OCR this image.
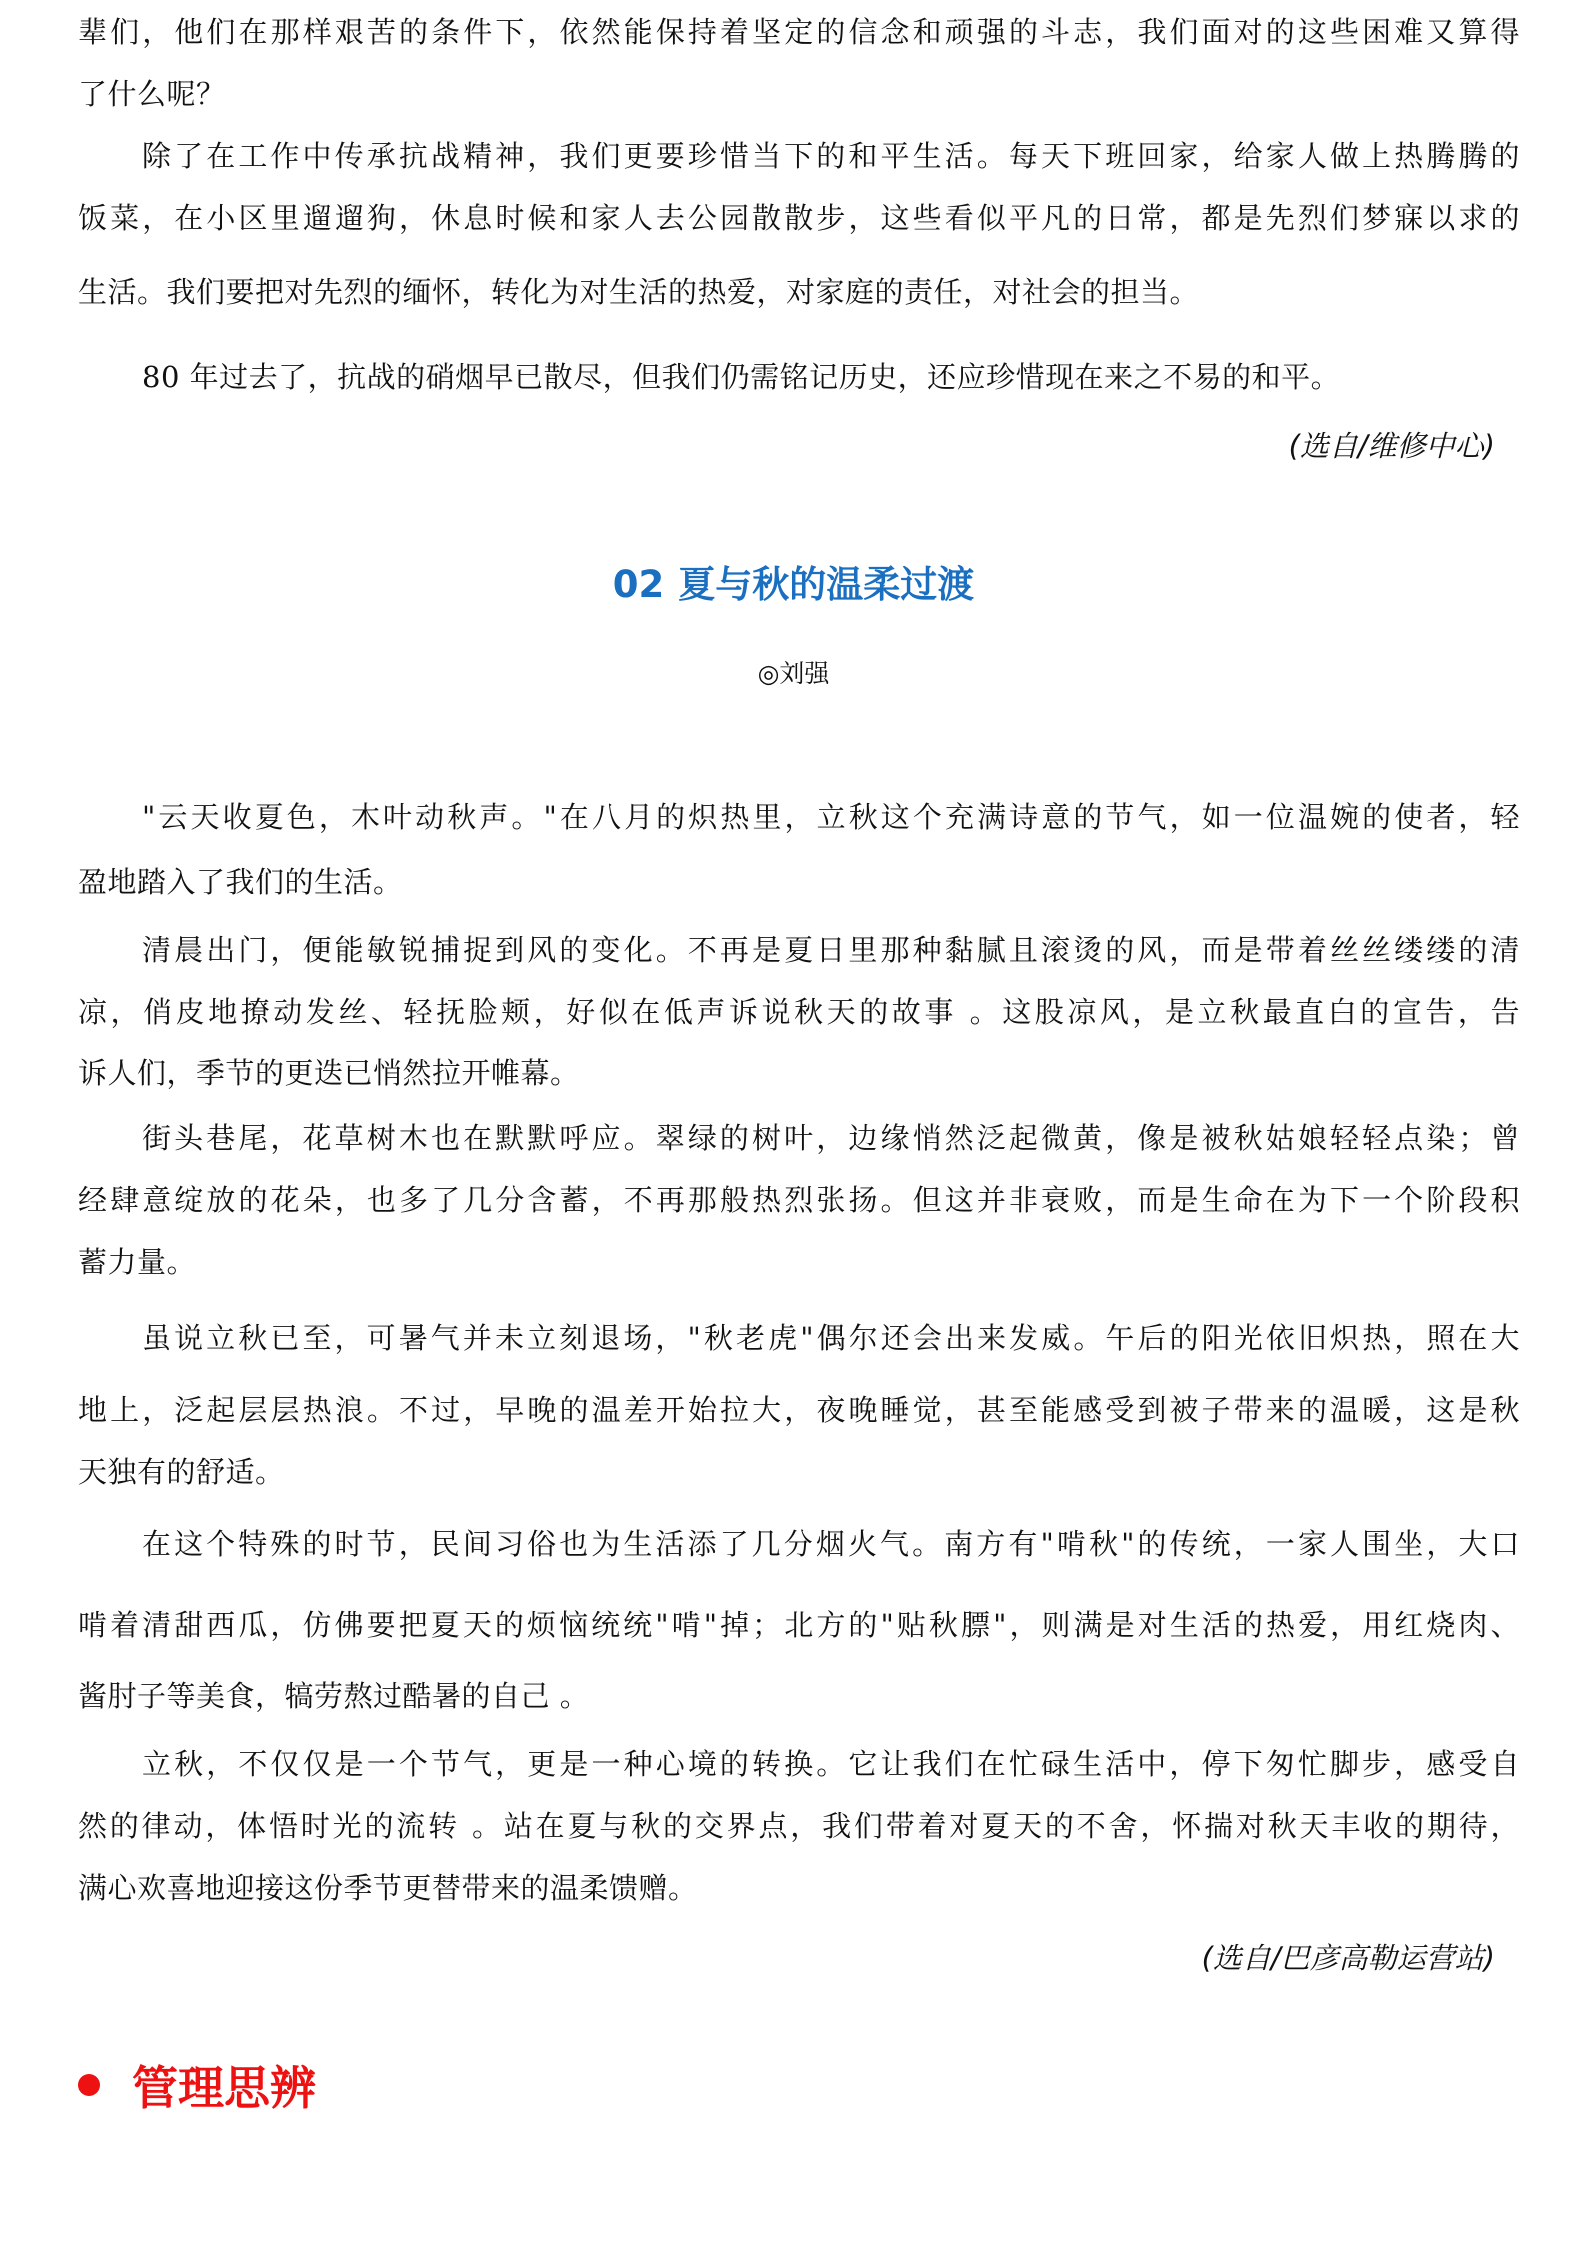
辈们，他们在那样艰苦的条件下，依然能保持着坚定的信念和顽强的斗志，我们面对的这些困难又算得
了什么呢？
除了在工作中传承抗战精神，我们更要珍惜当下的和平生活。每天下班回家，给家人做上热腾腾的
饭菜，在小区里遛遛狗，休息时候和家人去公园散散步，这些看似平凡的日常，都是先烈们梦寐以求的
生活。我们要把对先烈的缅怀，转化为对生活的热爱，对家庭的责任，对社会的担当。
80 年过去了，抗战的硝烟早已散尽，但我们仍需铭记历史，还应珍惜现在来之不易的和平。
(选自/维修中心)
02 夏与秋的温柔过渡
◎刘强
"云天收夏色，木叶动秋声。"在八月的炽热里，立秋这个充满诗意的节气，如一位温婉的使者，轻
盈地踏入了我们的生活。
清晨出门，便能敏锐捕捉到风的变化。不再是夏日里那种黏腻且滚烫的风，而是带着丝丝缕缕的清
凉，俏皮地撩动发丝、轻抚脸颊，好似在低声诉说秋天的故事 。这股凉风，是立秋最直白的宣告，告
诉人们，季节的更迭已悄然拉开帷幕。
街头巷尾，花草树木也在默默呼应。翠绿的树叶，边缘悄然泛起微黄，像是被秋姑娘轻轻点染；曾
经肆意绽放的花朵，也多了几分含蓄，不再那般热烈张扬。但这并非衰败，而是生命在为下一个阶段积
蓄力量。
虽说立秋已至，可暑气并未立刻退场，"秋老虎"偶尔还会出来发威。午后的阳光依旧炽热，照在大
地上，泛起层层热浪。不过，早晚的温差开始拉大，夜晚睡觉，甚至能感受到被子带来的温暖，这是秋
天独有的舒适。
在这个特殊的时节，民间习俗也为生活添了几分烟火气。南方有"啃秋"的传统，一家人围坐，大口
啃着清甜西瓜，仿佛要把夏天的烦恼统统"啃"掉；北方的"贴秋膘"，则满是对生活的热爱，用红烧肉、
酱肘子等美食，犒劳熬过酷暑的自己 。
立秋，不仅仅是一个节气，更是一种心境的转换。它让我们在忙碌生活中，停下匆忙脚步，感受自
然的律动，体悟时光的流转 。站在夏与秋的交界点，我们带着对夏天的不舍，怀揣对秋天丰收的期待，
满心欢喜地迎接这份季节更替带来的温柔馈赠。
(选自/巴彦高勒运营站)
管理思辨
